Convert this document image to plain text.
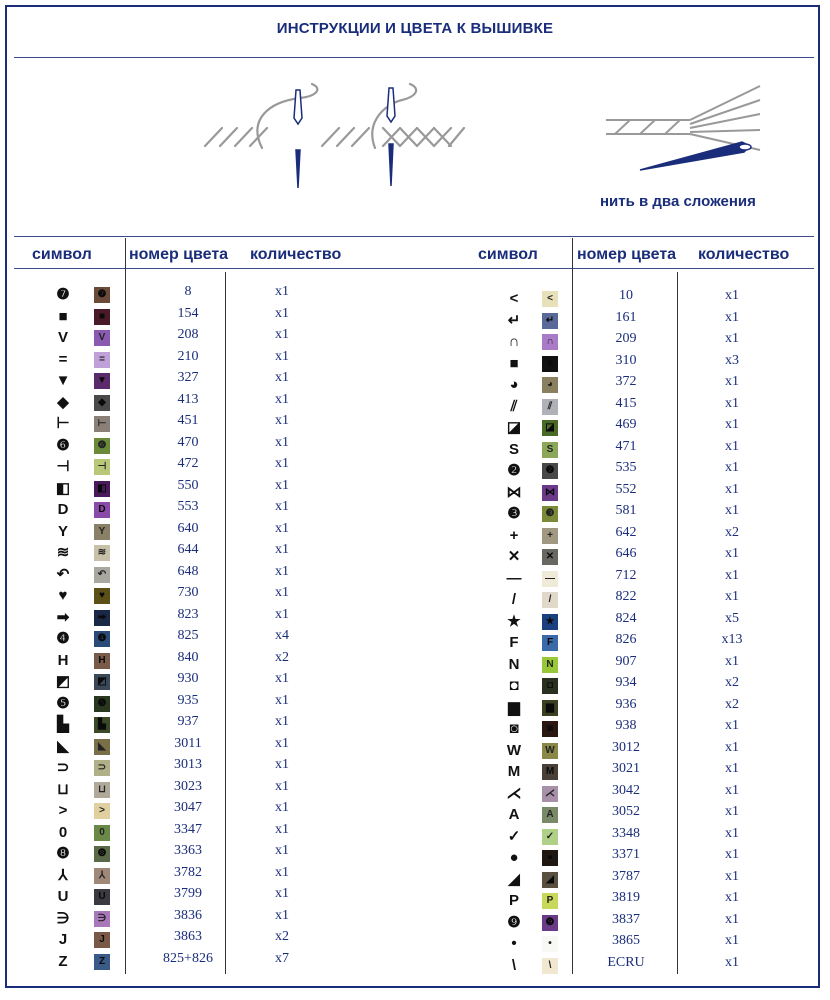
ИНСТРУКЦИИ И ЦВЕТА К ВЫШИВКЕ
нить в два сложения
символ номер цвета количество	символ номер цвета количество
❼	❼	8	x1
■	■	154	x1
V	V	208	x1
=	=	210	x1
▼	▼	327	x1
◆	◆	413	x1
⊢	⊢	451	x1
❻	❻	470	x1
⊣	⊣	472	x1
◧	◧	550	x1
D	D	553	x1
Y	Y	640	x1
≋	≋	644	x1
↶	↶	648	x1
♥	♥	730	x1
➡	➡	823	x1
❹	❹	825	x4
H	H	840	x2
◩	◩	930	x1
❺	❺	935	x1
▙	▙	937	x1
◣	◣	3011	x1
⊃	⊃	3013	x1
⊔	⊔	3023	x1
>	>	3047	x1
0	0	3347	x1
❽	❽	3363	x1
⅄	⅄	3782	x1
U	U	3799	x1
∋	∋	3836	x1
J	J	3863	x2
Z	Z	825+826	x7
<	<	10	x1
↵	↵	161	x1
∩	∩	209	x1
■	■	310	x3
◕	◕	372	x1
⫽	⫽	415	x1
◪	◪	469	x1
S	S	471	x1
❷	❷	535	x1
⋈	⋈	552	x1
❸	❸	581	x1
+	+	642	x2
✕	✕	646	x1
—	—	712	x1
/	/	822	x1
★	★	824	x5
F	F	826	x13
N	N	907	x1
◘	◘	934	x2
▆	▆	936	x2
◙	◙	938	x1
W	W	3012	x1
M	M	3021	x1
⋌	⋌	3042	x1
A	A	3052	x1
✓	✓	3348	x1
●	●	3371	x1
◢	◢	3787	x1
P	P	3819	x1
❾	❾	3837	x1
•	•	3865	x1
\	\	ECRU	x1
